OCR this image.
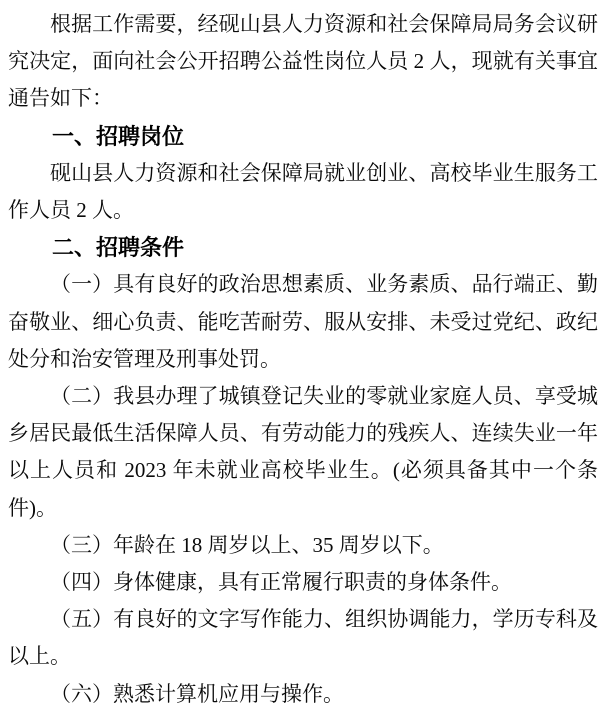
根据工作需要，经砚山县人力资源和社会保障局局务会议研究决定，面向社会公开招聘公益性岗位人员 2 人，现就有关事宜通告如下：

一、招聘岗位

砚山县人力资源和社会保障局就业创业、高校毕业生服务工作人员 2 人。

二、招聘条件

（一）具有良好的政治思想素质、业务素质、品行端正、勤奋敬业、细心负责、能吃苦耐劳、服从安排、未受过党纪、政纪处分和治安管理及刑事处罚。

（二）我县办理了城镇登记失业的零就业家庭人员、享受城乡居民最低生活保障人员、有劳动能力的残疾人、连续失业一年以上人员和 2023 年未就业高校毕业生。(必须具备其中一个条件)。

（三）年龄在 18 周岁以上、35 周岁以下。

（四）身体健康，具有正常履行职责的身体条件。

（五）有良好的文字写作能力、组织协调能力，学历专科及以上。

（六）熟悉计算机应用与操作。
